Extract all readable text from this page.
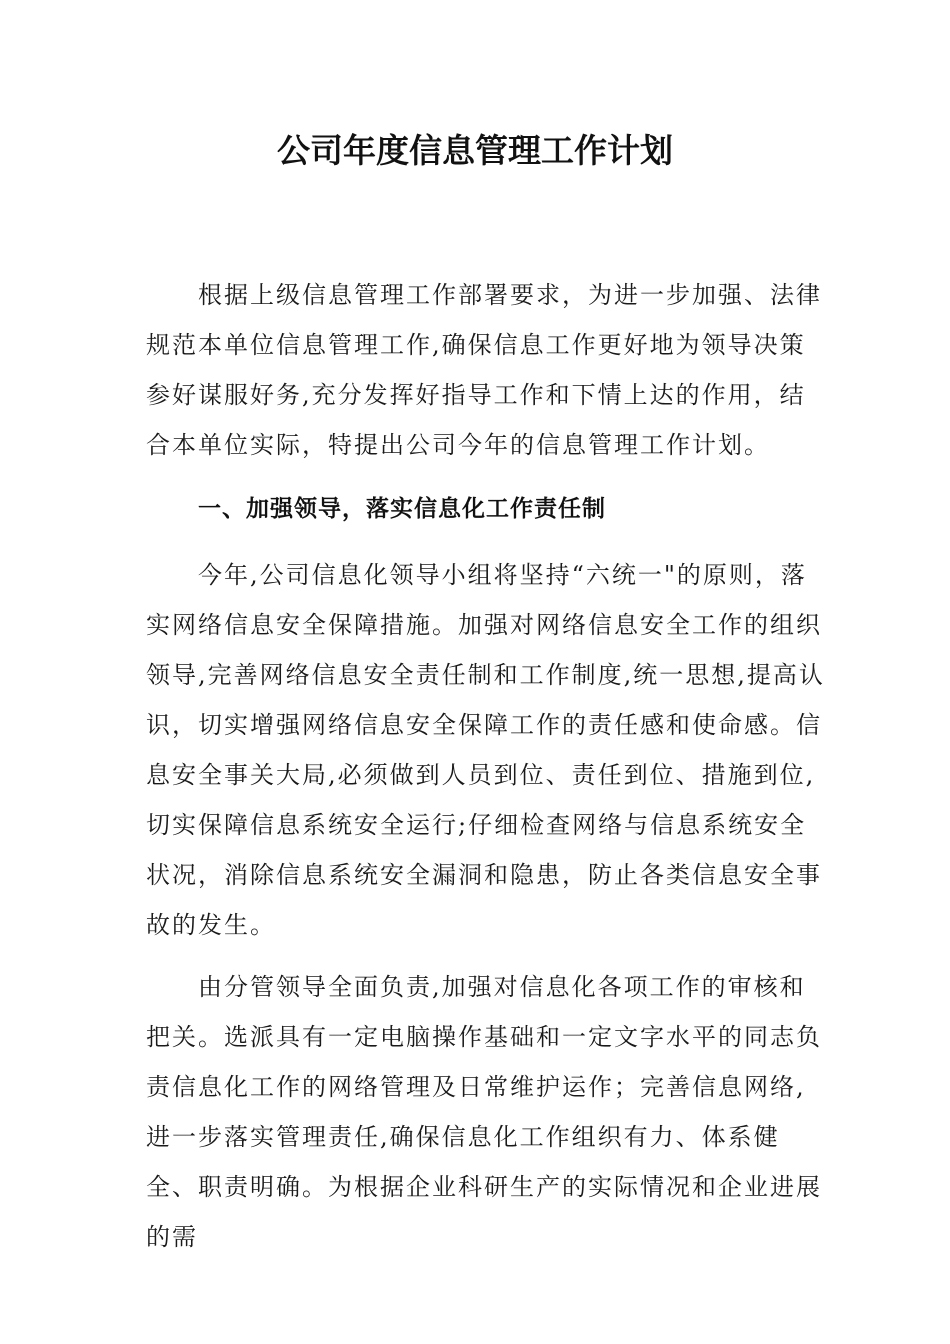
公司年度信息管理工作计划

根据上级信息管理工作部署要求，为进一步加强、法律规范本单位信息管理工作,确保信息工作更好地为领导决策参好谋服好务,充分发挥好指导工作和下情上达的作用，结合本单位实际，特提出公司今年的信息管理工作计划。

一、加强领导，落实信息化工作责任制

今年,公司信息化领导小组将坚持“六统一"的原则，落实网络信息安全保障措施。加强对网络信息安全工作的组织领导,完善网络信息安全责任制和工作制度,统一思想,提高认识，切实增强网络信息安全保障工作的责任感和使命感。信息安全事关大局,必须做到人员到位、责任到位、措施到位,切实保障信息系统安全运行;仔细检查网络与信息系统安全状况，消除信息系统安全漏洞和隐患，防止各类信息安全事故的发生。

由分管领导全面负责,加强对信息化各项工作的审核和把关。选派具有一定电脑操作基础和一定文字水平的同志负责信息化工作的网络管理及日常维护运作；完善信息网络,进一步落实管理责任,确保信息化工作组织有力、体系健全、职责明确。为根据企业科研生产的实际情况和企业进展的需
